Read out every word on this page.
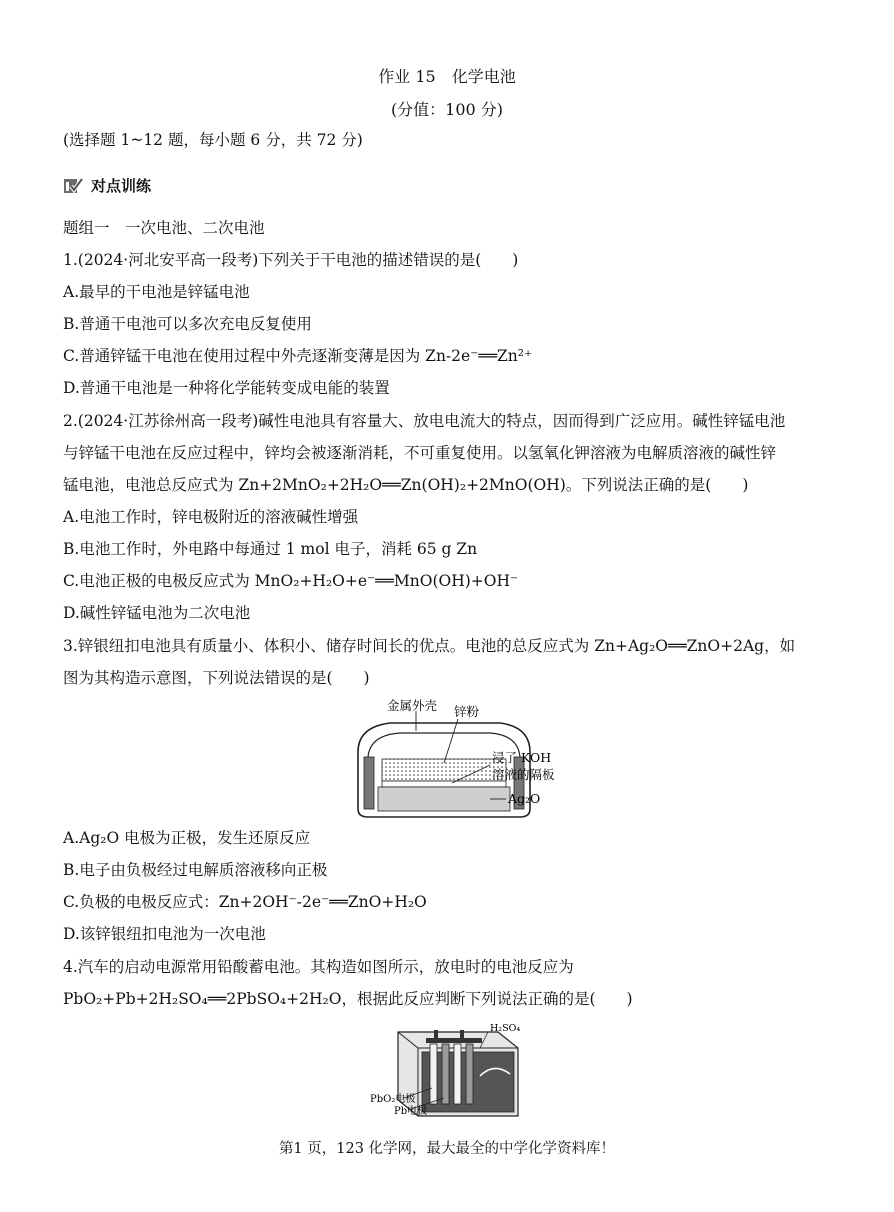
作业 15　化学电池
(分值：100 分)
(选择题 1~12 题，每小题 6 分，共 72 分)
对点训练
题组一　一次电池、二次电池
1.(2024·河北安平高一段考)下列关于干电池的描述错误的是(　　)
A.最早的干电池是锌锰电池
B.普通干电池可以多次充电反复使用
C.普通锌锰干电池在使用过程中外壳逐渐变薄是因为 Zn-2e⁻══Zn²⁺
D.普通干电池是一种将化学能转变成电能的装置
2.(2024·江苏徐州高一段考)碱性电池具有容量大、放电电流大的特点，因而得到广泛应用。碱性锌锰电池
与锌锰干电池在反应过程中，锌均会被逐渐消耗，不可重复使用。以氢氧化钾溶液为电解质溶液的碱性锌
锰电池，电池总反应式为 Zn+2MnO₂+2H₂O══Zn(OH)₂+2MnO(OH)。下列说法正确的是(　　)
A.电池工作时，锌电极附近的溶液碱性增强
B.电池工作时，外电路中每通过 1 mol 电子，消耗 65 g Zn
C.电池正极的电极反应式为 MnO₂+H₂O+e⁻══MnO(OH)+OH⁻
D.碱性锌锰电池为二次电池
3.锌银纽扣电池具有质量小、体积小、储存时间长的优点。电池的总反应式为 Zn+Ag₂O══ZnO+2Ag，如
图为其构造示意图，下列说法错误的是(　　)
金属外壳 锌粉
浸了 KOH
溶液的隔板
Ag₂O
A.Ag₂O 电极为正极，发生还原反应
B.电子由负极经过电解质溶液移向正极
C.负极的电极反应式：Zn+2OH⁻-2e⁻══ZnO+H₂O
D.该锌银纽扣电池为一次电池
4.汽车的启动电源常用铅酸蓄电池。其构造如图所示，放电时的电池反应为
PbO₂+Pb+2H₂SO₄══2PbSO₄+2H₂O，根据此反应判断下列说法正确的是(　　)
H₂SO₄
PbO₂电极
Pb电极
第1 页，123 化学网，最大最全的中学化学资料库！
